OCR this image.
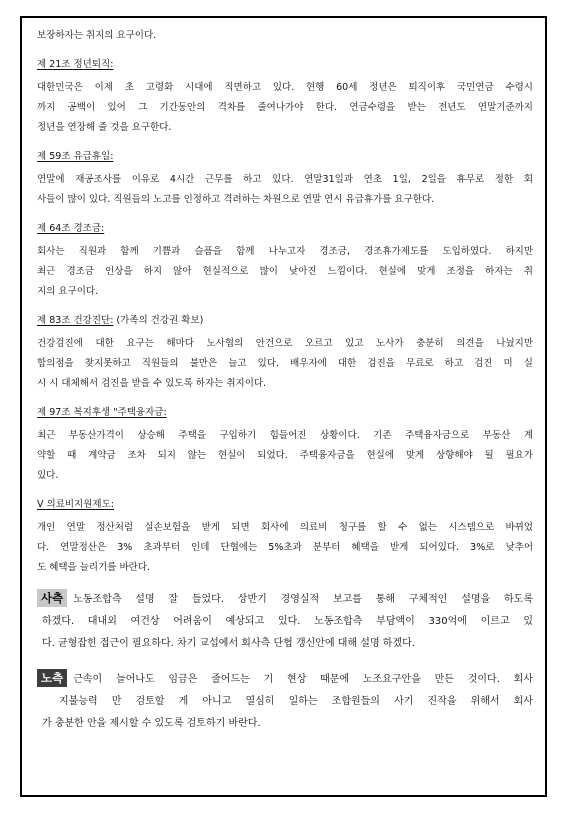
보장하자는 취지의 요구이다.
제 21조 정년퇴직:
대한민국은 이제 초 고령화 시대에 직면하고 있다. 현행 60세 정년은 퇴직이후 국민연금 수령시
까지 공백이 있어 그 기간동안의 격차를 줄여나가야 한다. 연금수령을 받는 전년도 연말기준까지
정년을 연장해 줄 것을 요구한다.
제 59조 유급휴일:
연말에 재공조사를 이유로 4시간 근무를 하고 있다. 연말31일과 연초 1일, 2일을 휴무로 정한 회
사들이 많이 있다. 직원들의 노고를 인정하고 격려하는 차원으로 연말 연시 유급휴가를 요구한다.
제 64조 경조금:
회사는 직원과 함께 기쁨과 슬픔을 함께 나누고자 경조금, 경조휴가제도를 도입하였다. 하지만
최근 경조금 인상을 하지 않아 현실적으로 많이 낮아진 느낌이다. 현실에 맞게 조정을 하자는 취
지의 요구이다.
제 83조 건강진단: (가족의 건강권 확보)
건강검진에 대한 요구는 해마다 노사협의 안건으로 오르고 있고 노사가 충분히 의견을 나눴지만
합의점을 찾지못하고 직원들의 불만은 늘고 있다. 배우자에 대한 검진을 무료로 하고 검진 미 실
시 시 대체해서 검진을 받을 수 있도록 하자는 취지이다.
제 97조 복지후생 "주택융자금:
최근 부동산가격이 상승해 주택을 구입하기 힘들어진 상황이다. 기존 주택융자금으로 부동산 계
약할 때 계약금 조차 되지 않는 현실이 되었다. 주택융자금을 현실에 맞게 상향해야 될 필요가
있다.
V 의료비지원제도:
개인 연말 정산처럼 실손보험을 받게 되면 회사에 의료비 청구를 할 수 없는 시스템으로 바뀌었
다. 연말정산은 3% 초과부터 인데 단협에는 5%초과 분부터 혜택을 받게 되어있다. 3%로 낮추어
도 혜택을 늘리기를 바란다.
사측 노동조합측 설명 잘 들었다. 상반기 경영실적 보고를 통해 구체적인 설명을 하도록
하겠다. 대내외 여건상 어려움이 예상되고 있다. 노동조합측 부담액이 330억에 이르고 있
다. 균형잡힌 접근이 필요하다. 차기 교섭에서 회사측 단협 갱신안에 대해 설명 하겠다.
노측 근속이 늘어나도 임금은 줄어드는 기 현상 때문에 노조요구안을 만든 것이다. 회사
지불능력 만 검토할 게 아니고 열심히 일하는 조합원들의 사기 진작을 위해서 회사
가 충분한 안을 제시할 수 있도록 검토하기 바란다.
